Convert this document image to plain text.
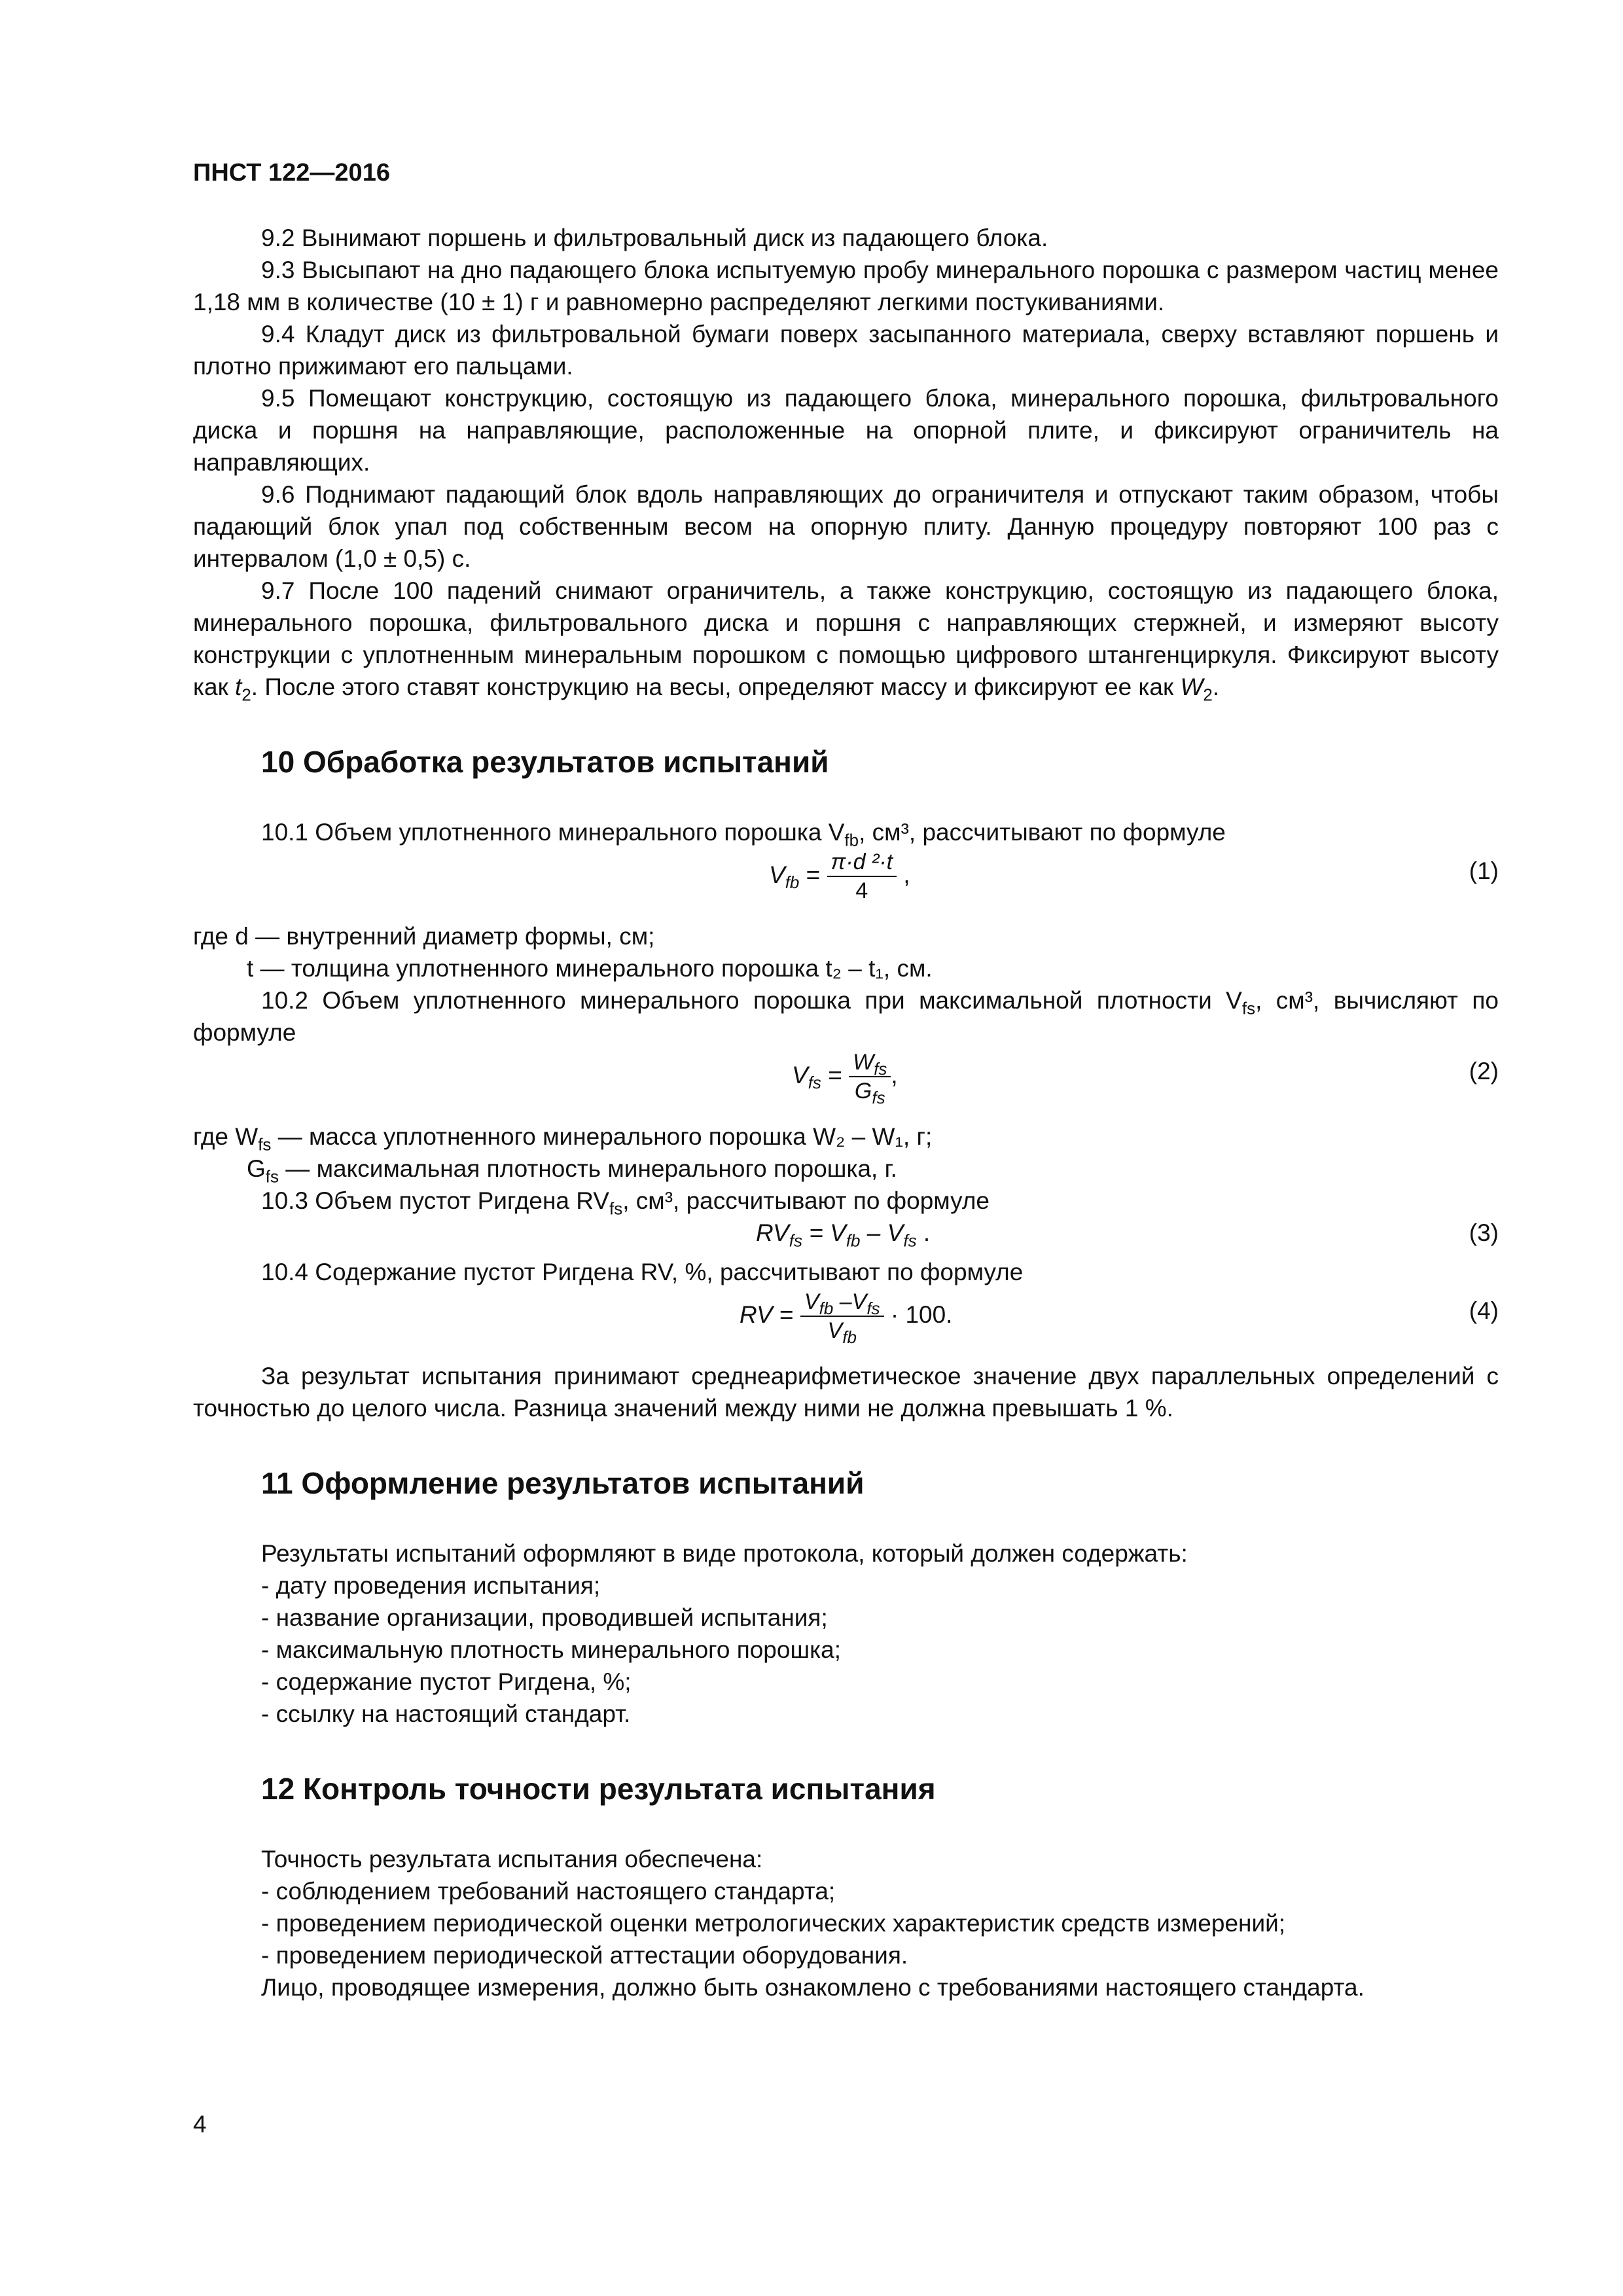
ПНСТ 122—2016

9.2 Вынимают поршень и фильтровальный диск из падающего блока.

9.3 Высыпают на дно падающего блока испытуемую пробу минерального порошка с размером частиц менее 1,18 мм в количестве (10 ± 1) г и равномерно распределяют легкими постукиваниями.

9.4 Кладут диск из фильтровальной бумаги поверх засыпанного материала, сверху вставляют поршень и плотно прижимают его пальцами.

9.5 Помещают конструкцию, состоящую из падающего блока, минерального порошка, фильтровального диска и поршня на направляющие, расположенные на опорной плите, и фиксируют ограничитель на направляющих.

9.6 Поднимают падающий блок вдоль направляющих до ограничителя и отпускают таким образом, чтобы падающий блок упал под собственным весом на опорную плиту. Данную процедуру повторяют 100 раз с интервалом (1,0 ± 0,5) с.

9.7 После 100 падений снимают ограничитель, а также конструкцию, состоящую из падающего блока, минерального порошка, фильтровального диска и поршня с направляющих стержней, и измеряют высоту конструкции с уплотненным минеральным порошком с помощью цифрового штангенциркуля. Фиксируют высоту как $t_2$. После этого ставят конструкцию на весы, определяют массу и фиксируют ее как $W_2$.

10 Обработка результатов испытаний

10.1 Объем уплотненного минерального порошка $V_{fb}$, см³, рассчитывают по формуле

$V_{fb} = \frac{\text{π·d ²·t}}{4}$ ,	(1)

где d — внутренний диаметр формы, см;

t — толщина уплотненного минерального порошка t₂ – t₁, см.

10.2 Объем уплотненного минерального порошка при максимальной плотности $V_{fs}$, см³, вычисляют по формуле

$V_{fs} = \frac{W_{fs}}{G_{fs}}$ ,	(2)

где $W_{fs}$ — масса уплотненного минерального порошка W₂ – W₁, г;

$G_{fs}$ — максимальная плотность минерального порошка, г.

10.3 Объем пустот Ригдена $RV_{fs}$, см³, рассчитывают по формуле

$RV_{fs} = V_{fb} - V_{fs}$ .	(3)

10.4 Содержание пустот Ригдена RV, %, рассчитывают по формуле

RV = $\frac{V_{fb} -V_{fs}}{V_{fb}} \cdot 100$.	(4)

За результат испытания принимают среднеарифметическое значение двух параллельных определений с точностью до целого числа. Разница значений между ними не должна превышать 1 %.

11 Оформление результатов испытаний

Результаты испытаний оформляют в виде протокола, который должен содержать:

- дату проведения испытания;
- название организации, проводившей испытания;
- максимальную плотность минерального порошка;
- содержание пустот Ригдена, %;
- ссылку на настоящий стандарт.
12 Контроль точности результата испытания

Точность результата испытания обеспечена:

- соблюдением требований настоящего стандарта;
- проведением периодической оценки метрологических характеристик средств измерений;
- проведением периодической аттестации оборудования.

Лицо, проводящее измерения, должно быть ознакомлено с требованиями настоящего стандарта.

4
